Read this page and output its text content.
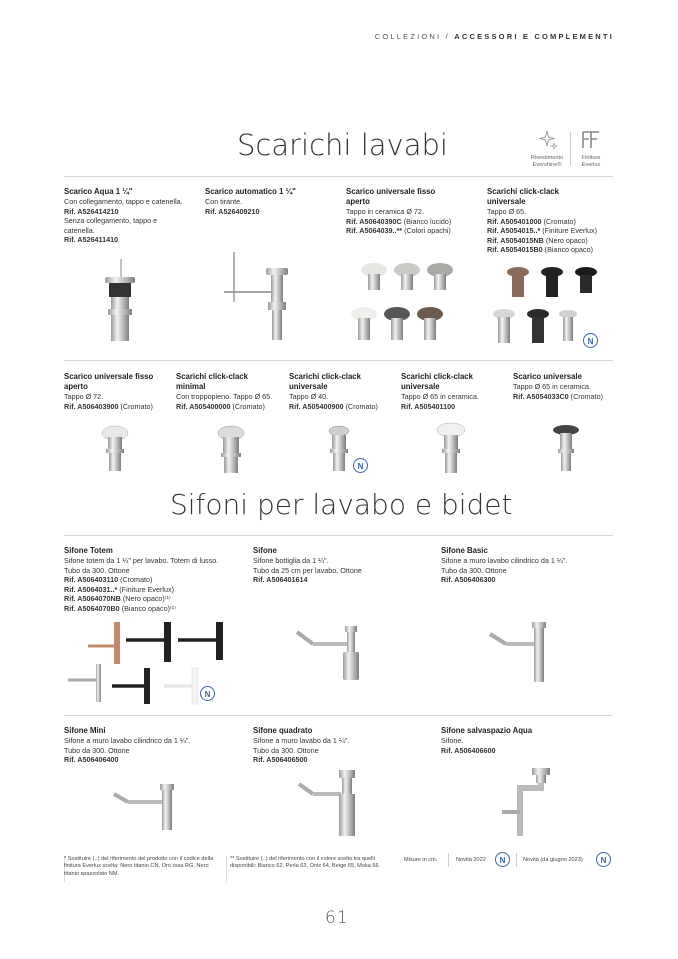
COLLEZIONI / ACCESSORI E COMPLEMENTI
Scarichi lavabi	Rivestimento
Evershine®
Finiture
Everlux
Scarico Aqua 1 ¼"
Con collegamento, tappo e catenella.
Rif. A526414210
Senza collegamento, tappo e catenella.
Rif. A526411410
Scarico automatico 1 ¼"
Con tirante.
Rif. A526409210
Scarico universale fisso aperto
Tappo in ceramica Ø 72.
Rif. A50640390C (Bianco lucido)
Rif. A5064039..** (Colori opachi)
Scarichi click-clack universale
Tappo Ø 65.
Rif. A505401000 (Cromato)
Rif. A5054015..* (Finiture Everlux)
Rif. A5054015NB (Nero opaco)
Rif. A5054015B0 (Bianco opaco)
N
Scarico universale fisso aperto
Tappo Ø 72.
Rif. A506403900 (Cromato)
Scarichi click-clack minimal
Con troppopieno. Tappo Ø 65.
Rif. A505400000 (Cromato)
Scarichi click-clack universale
Tappo Ø 40.
Rif. A505400900 (Cromato)
Scarichi click-clack universale
Tappo Ø 65 in ceramica.
Rif. A505401100
Scarico universale
Tappo Ø 65 in ceramica.
Rif. A5054033C0 (Cromato)
N
Sifoni per lavabo e bidet
Sifone Totem
Sifone totem da 1 ¼" per lavabo. Totem di lusso.
Tubo da 300. Ottone
Rif. A506403110 (Cromato)
Rif. A5064031..* (Finiture Everlux)
Rif. A5064070NB (Nero opaco)⁽¹⁾
Rif. A5064070B0 (Bianco opaco)⁽¹⁾
Sifone
Sifone bottiglia da 1 ¼".
Tubo da 25 cm per lavabo. Ottone
Rif. A506401614
Sifone Basic
Sifone a muro lavabo cilindrico da 1 ¼".
Tubo da 300. Ottone
Rif. A506406300
N
Sifone Mini
Sifone a muro lavabo cilindrico da 1 ¼".
Tubo da 300. Ottone
Rif. A506406400
Sifone quadrato
Sifone a muro lavabo da 1 ¼".
Tubo da 300. Ottone
Rif. A506406500
Sifone salvaspazio Aqua
Sifone.
Rif. A506406600
* Sostituire (..) del riferimento del prodotto con il codice della finitura Everlux scelta: Nero titanio CN, Oro rosa RG, Nero titanio spazzolato NM.
** Sostituire (..) del riferimento con il colore scelto tra quelli disponibili: Bianco 62, Perla 63, Onix 64, Beige 65, Moka 66.
Misure in cm.	Novità 2022	N	Novità (da giugno 2023)	N
61
